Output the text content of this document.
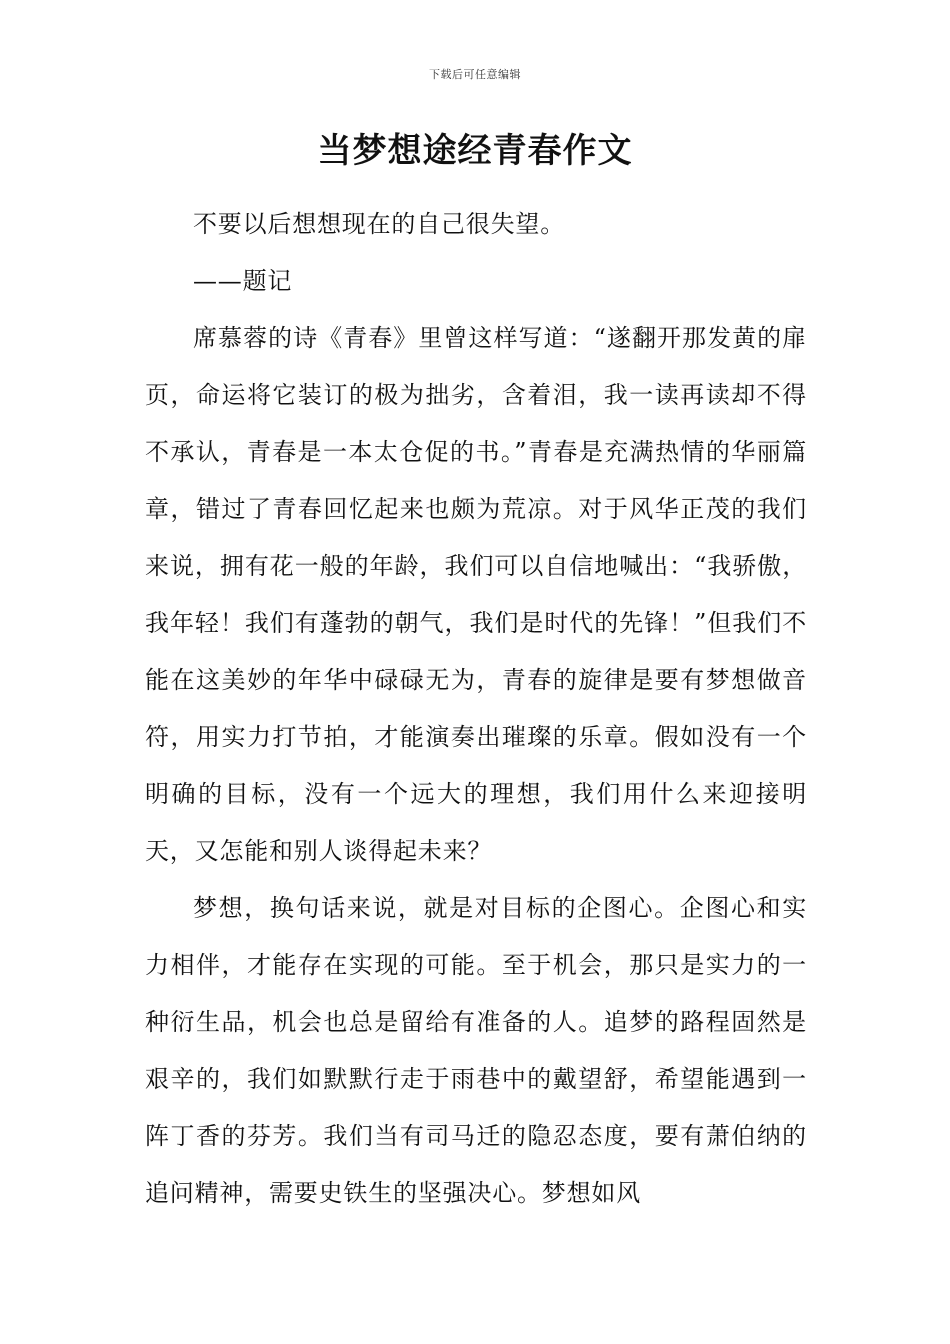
下载后可任意编辑
当梦想途经青春作文

不要以后想想现在的自己很失望。

——题记

席慕蓉的诗《青春》里曾这样写道：“遂翻开那发黄的扉页，命运将它装订的极为拙劣，含着泪，我一读再读却不得不承认，青春是一本太仓促的书。”青春是充满热情的华丽篇章，错过了青春回忆起来也颇为荒凉。对于风华正茂的我们来说，拥有花一般的年龄，我们可以自信地喊出：“我骄傲，我年轻！我们有蓬勃的朝气，我们是时代的先锋！”但我们不能在这美妙的年华中碌碌无为，青春的旋律是要有梦想做音符，用实力打节拍，才能演奏出璀璨的乐章。假如没有一个明确的目标，没有一个远大的理想，我们用什么来迎接明天，又怎能和别人谈得起未来？

梦想，换句话来说，就是对目标的企图心。企图心和实力相伴，才能存在实现的可能。至于机会，那只是实力的一种衍生品，机会也总是留给有准备的人。追梦的路程固然是艰辛的，我们如默默行走于雨巷中的戴望舒，希望能遇到一阵丁香的芬芳。我们当有司马迁的隐忍态度，要有萧伯纳的追问精神，需要史铁生的坚强决心。梦想如风
